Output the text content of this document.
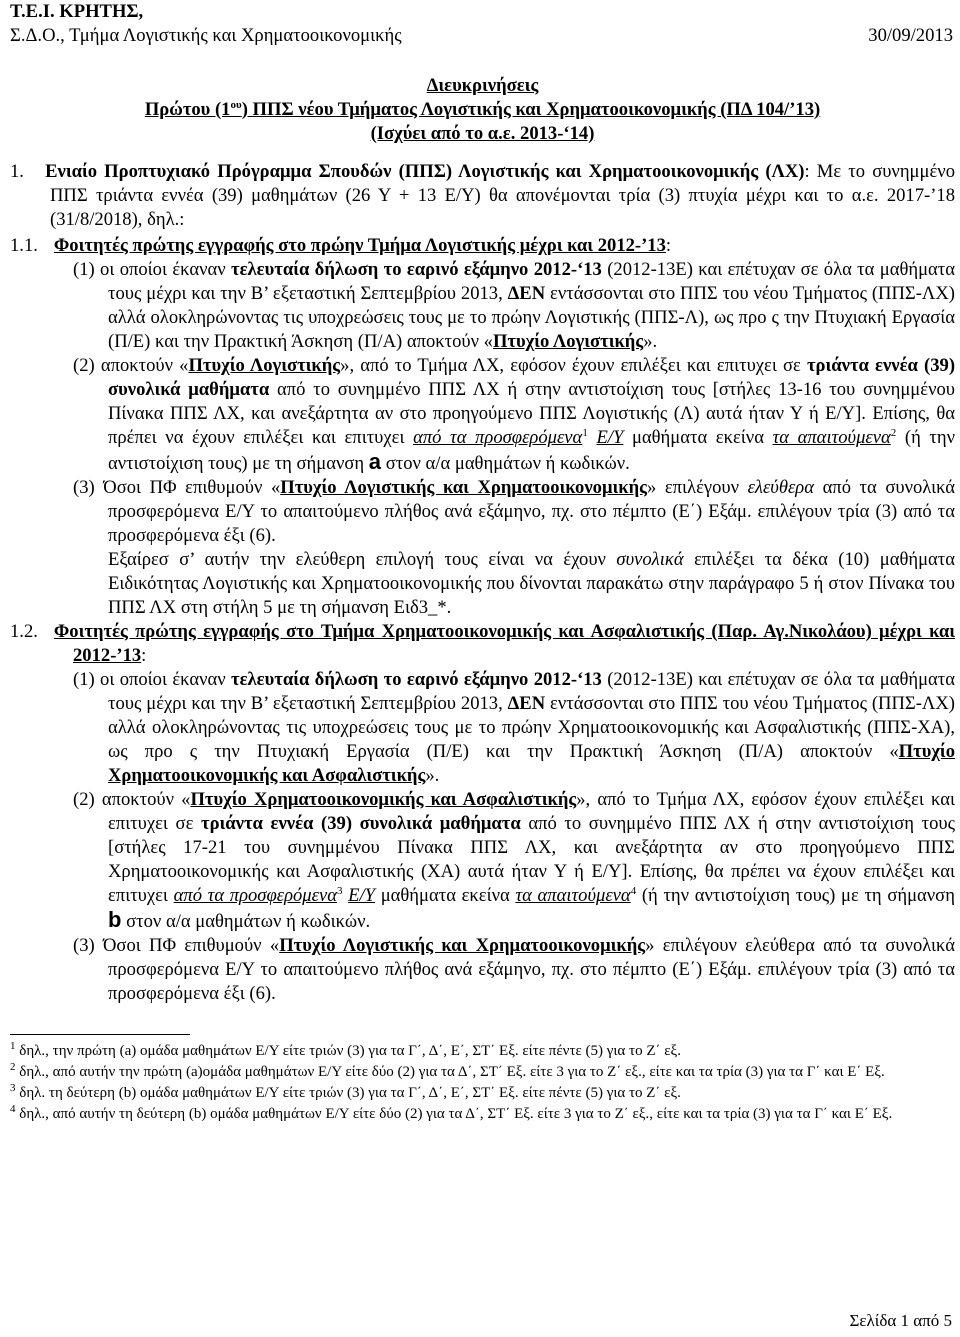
Τ.Ε.Ι. ΚΡΗΤΗΣ,
Σ.Δ.Ο., Τμήμα Λογιστικής και Χρηματοοικονομικής	30/09/2013
Διευκρινήσεις
Πρώτου $(1^{o\upsilon})$ ΠΠΣ νέου Τμήματος Λογιστικής και Χρηματοοικονομικής (ΠΔ 104/’13)
(Ισχύει από το α.ε. 2013-‘14)
1. Ενιαίο Προπτυχιακό Πρόγραμμα Σπουδών (ΠΠΣ) Λογιστικής και Χρηματοοικονομικής (ΛΧ): Με το συνημμένο ΠΠΣ τριάντα εννέα (39) μαθημάτων (26 Υ + 13 Ε/Υ) θα απονέμονται τρία (3) πτυχία μέχρι και το α.ε. 2017-’18 (31/8/2018), δηλ.:
1.1. Φοιτητές πρώτης εγγραφής στο πρώην Τμήμα Λογιστικής μέχρι και 2012-’13:
(1) οι οποίοι έκαναν τελευταία δήλωση το εαρινό εξάμηνο 2012-‘13 (2012-13Ε) και επέτυχαν σε όλα τα μαθήματα τους μέχρι και την Β’ εξεταστική Σεπτεμβρίου 2013, ΔΕΝ εντάσσονται στο ΠΠΣ του νέου Τμήματος (ΠΠΣ-ΛΧ) αλλά ολοκληρώνοντας τις υποχρεώσεις τους με το πρώην Λογιστικής (ΠΠΣ-Λ), ως προ ς την Πτυχιακή Εργασία (Π/Ε) και την Πρακτική Άσκηση (Π/Α) αποκτούν «Πτυχίο Λογιστικής».
(2) αποκτούν «Πτυχίο Λογιστικής», από το Τμήμα ΛΧ, εφόσον έχουν επιλέξει και επιτυχει σε τριάντα εννέα (39) συνολικά μαθήματα από το συνημμένο ΠΠΣ ΛΧ ή στην αντιστοίχιση τους [στήλες 13-16 του συνημμένου Πίνακα ΠΠΣ ΛΧ, και ανεξάρτητα αν στο προηγούμενο ΠΠΣ Λογιστικής (Λ) αυτά ήταν Υ ή Ε/Υ]. Επίσης, θα πρέπει να έχουν επιλέξει και επιτυχει από τα προσφερόμενα$^1$ Ε/Υ μαθήματα εκείνα τα απαιτούμενα$^2$ (ή την αντιστοίχιση τους) με τη σήμανση a στον α/α μαθημάτων ή κωδικών.
(3) Όσοι ΠΦ επιθυμούν «Πτυχίο Λογιστικής και Χρηματοοικονομικής» επιλέγουν ελεύθερα από τα συνολικά προσφερόμενα Ε/Υ το απαιτούμενο πλήθος ανά εξάμηνο, πχ. στο πέμπτο (Ε΄) Εξάμ. επιλέγουν τρία (3) από τα προσφερόμενα έξι (6).
Εξαίρεσ σ’ αυτήν την ελεύθερη επιλογή τους είναι να έχουν συνολικά επιλέξει τα δέκα (10) μαθήματα Ειδικότητας Λογιστικής και Χρηματοοικονομικής που δίνονται παρακάτω στην παράγραφο 5 ή στον Πίνακα του ΠΠΣ ΛΧ στη στήλη 5 με τη σήμανση Ειδ3_*.
1.2. Φοιτητές πρώτης εγγραφής στο Τμήμα Χρηματοοικονομικής και Ασφαλιστικής (Παρ. Αγ.Νικολάου) μέχρι και 2012-’13:
(1) οι οποίοι έκαναν τελευταία δήλωση το εαρινό εξάμηνο 2012-‘13 (2012-13Ε) και επέτυχαν σε όλα τα μαθήματα τους μέχρι και την Β’ εξεταστική Σεπτεμβρίου 2013, ΔΕΝ εντάσσονται στο ΠΠΣ του νέου Τμήματος (ΠΠΣ-ΛΧ) αλλά ολοκληρώνοντας τις υποχρεώσεις τους με το πρώην Χρηματοοικονομικής και Ασφαλιστικής (ΠΠΣ-ΧΑ), ως προ ς την Πτυχιακή Εργασία (Π/Ε) και την Πρακτική Άσκηση (Π/Α) αποκτούν «Πτυχίο Χρηματοοικονομικής και Ασφαλιστικής».
(2) αποκτούν «Πτυχίο Χρηματοοικονομικής και Ασφαλιστικής», από το Τμήμα ΛΧ, εφόσον έχουν επιλέξει και επιτυχει σε τριάντα εννέα (39) συνολικά μαθήματα από το συνημμένο ΠΠΣ ΛΧ ή στην αντιστοίχιση τους [στήλες 17-21 του συνημμένου Πίνακα ΠΠΣ ΛΧ, και ανεξάρτητα αν στο προηγούμενο ΠΠΣ Χρηματοοικονομικής και Ασφαλιστικής (ΧΑ) αυτά ήταν Υ ή Ε/Υ]. Επίσης, θα πρέπει να έχουν επιλέξει και επιτυχει από τα προσφερόμενα$^3$ Ε/Υ μαθήματα εκείνα τα απαιτούμενα$^4$ (ή την αντιστοίχιση τους) με τη σήμανση b στον α/α μαθημάτων ή κωδικών.
(3) Όσοι ΠΦ επιθυμούν «Πτυχίο Λογιστικής και Χρηματοοικονομικής» επιλέγουν ελεύθερα από τα συνολικά προσφερόμενα Ε/Υ το απαιτούμενο πλήθος ανά εξάμηνο, πχ. στο πέμπτο (Ε΄) Εξάμ. επιλέγουν τρία (3) από τα προσφερόμενα έξι (6).
$^1$ δηλ., την πρώτη (a) ομάδα μαθημάτων Ε/Υ είτε τριών (3) για τα Γ΄, Δ΄, Ε΄, ΣΤ΄ Εξ. είτε πέντε (5) για το Ζ΄ εξ.
$^2$ δηλ., από αυτήν την πρώτη (a)ομάδα μαθημάτων Ε/Υ είτε δύο (2) για τα Δ΄, ΣΤ΄ Εξ. είτε 3 για το Ζ΄ εξ., είτε και τα τρία (3) για τα Γ΄ και Ε΄ Εξ.
$^3$ δηλ. τη δεύτερη (b) ομάδα μαθημάτων Ε/Υ είτε τριών (3) για τα Γ΄, Δ΄, Ε΄, ΣΤ΄ Εξ. είτε πέντε (5) για το Ζ΄ εξ.
$^4$ δηλ., από αυτήν τη δεύτερη (b) ομάδα μαθημάτων Ε/Υ είτε δύο (2) για τα Δ΄, ΣΤ΄ Εξ. είτε 3 για το Ζ΄ εξ., είτε και τα τρία (3) για τα Γ΄ και Ε΄ Εξ.
Σελίδα 1 από 5
